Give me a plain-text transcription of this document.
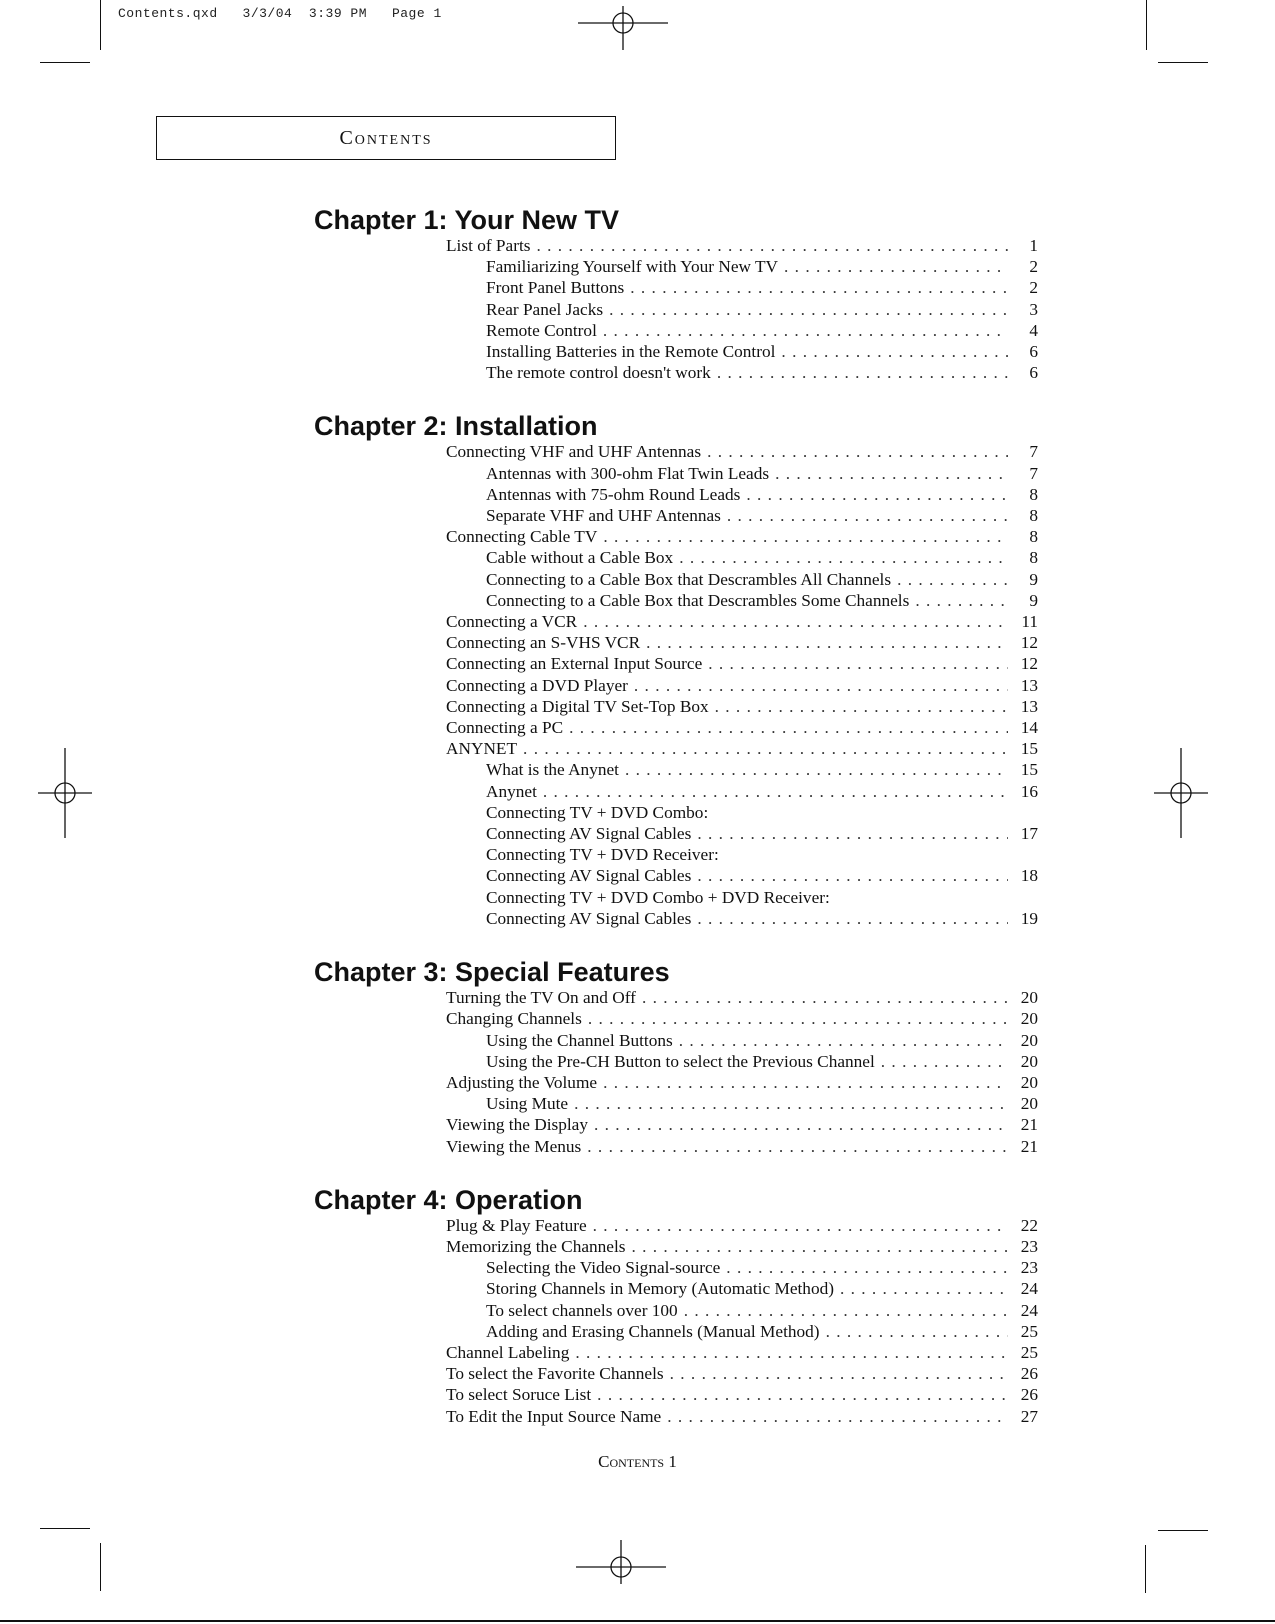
Contents.qxd   3/3/04  3:39 PM   Page 1
Contents
Chapter 1: Your New TV
List of Parts . . .	1
Familiarizing Yourself with Your New TV . . .	2
Front Panel Buttons . . .	2
Rear Panel Jacks . . .	3
Remote Control . . .	4
Installing Batteries in the Remote Control . . .	6
The remote control doesn't work . . .	6
Chapter 2: Installation
Connecting VHF and UHF Antennas . . .	7
Antennas with 300-ohm Flat Twin Leads . . .	7
Antennas with 75-ohm Round Leads . . .	8
Separate VHF and UHF Antennas . . .	8
Connecting Cable TV . . .	8
Cable without a Cable Box . . .	8
Connecting to a Cable Box that Descrambles All Channels . . .	9
Connecting to a Cable Box that Descrambles Some Channels . . .	9
Connecting a VCR . . .	11
Connecting an S-VHS VCR . . .	12
Connecting an External Input Source . . .	12
Connecting a DVD Player . . .	13
Connecting a Digital TV Set-Top Box . . .	13
Connecting a PC . . .	14
ANYNET . . .	15
What is the Anynet . . .	15
Anynet . . .	16
Connecting TV + DVD Combo:
Connecting AV Signal Cables . . .	17
Connecting TV + DVD Receiver:
Connecting AV Signal Cables . . .	18
Connecting TV + DVD Combo + DVD Receiver:
Connecting AV Signal Cables . . .	19
Chapter 3: Special Features
Turning the TV On and Off . . .	20
Changing Channels . . .	20
Using the Channel Buttons . . .	20
Using the Pre-CH Button to select the Previous Channel . . .	20
Adjusting the Volume . . .	20
Using Mute . . .	20
Viewing the Display . . .	21
Viewing the Menus . . .	21
Chapter 4: Operation
Plug & Play Feature . . .	22
Memorizing the Channels . . .	23
Selecting the Video Signal-source . . .	23
Storing Channels in Memory (Automatic Method) . . .	24
To select channels over 100 . . .	24
Adding and Erasing Channels (Manual Method) . . .	25
Channel Labeling . . .	25
To select the Favorite Channels . . .	26
To select Soruce List . . .	26
To Edit the Input Source Name . . .	27
Contents 1
